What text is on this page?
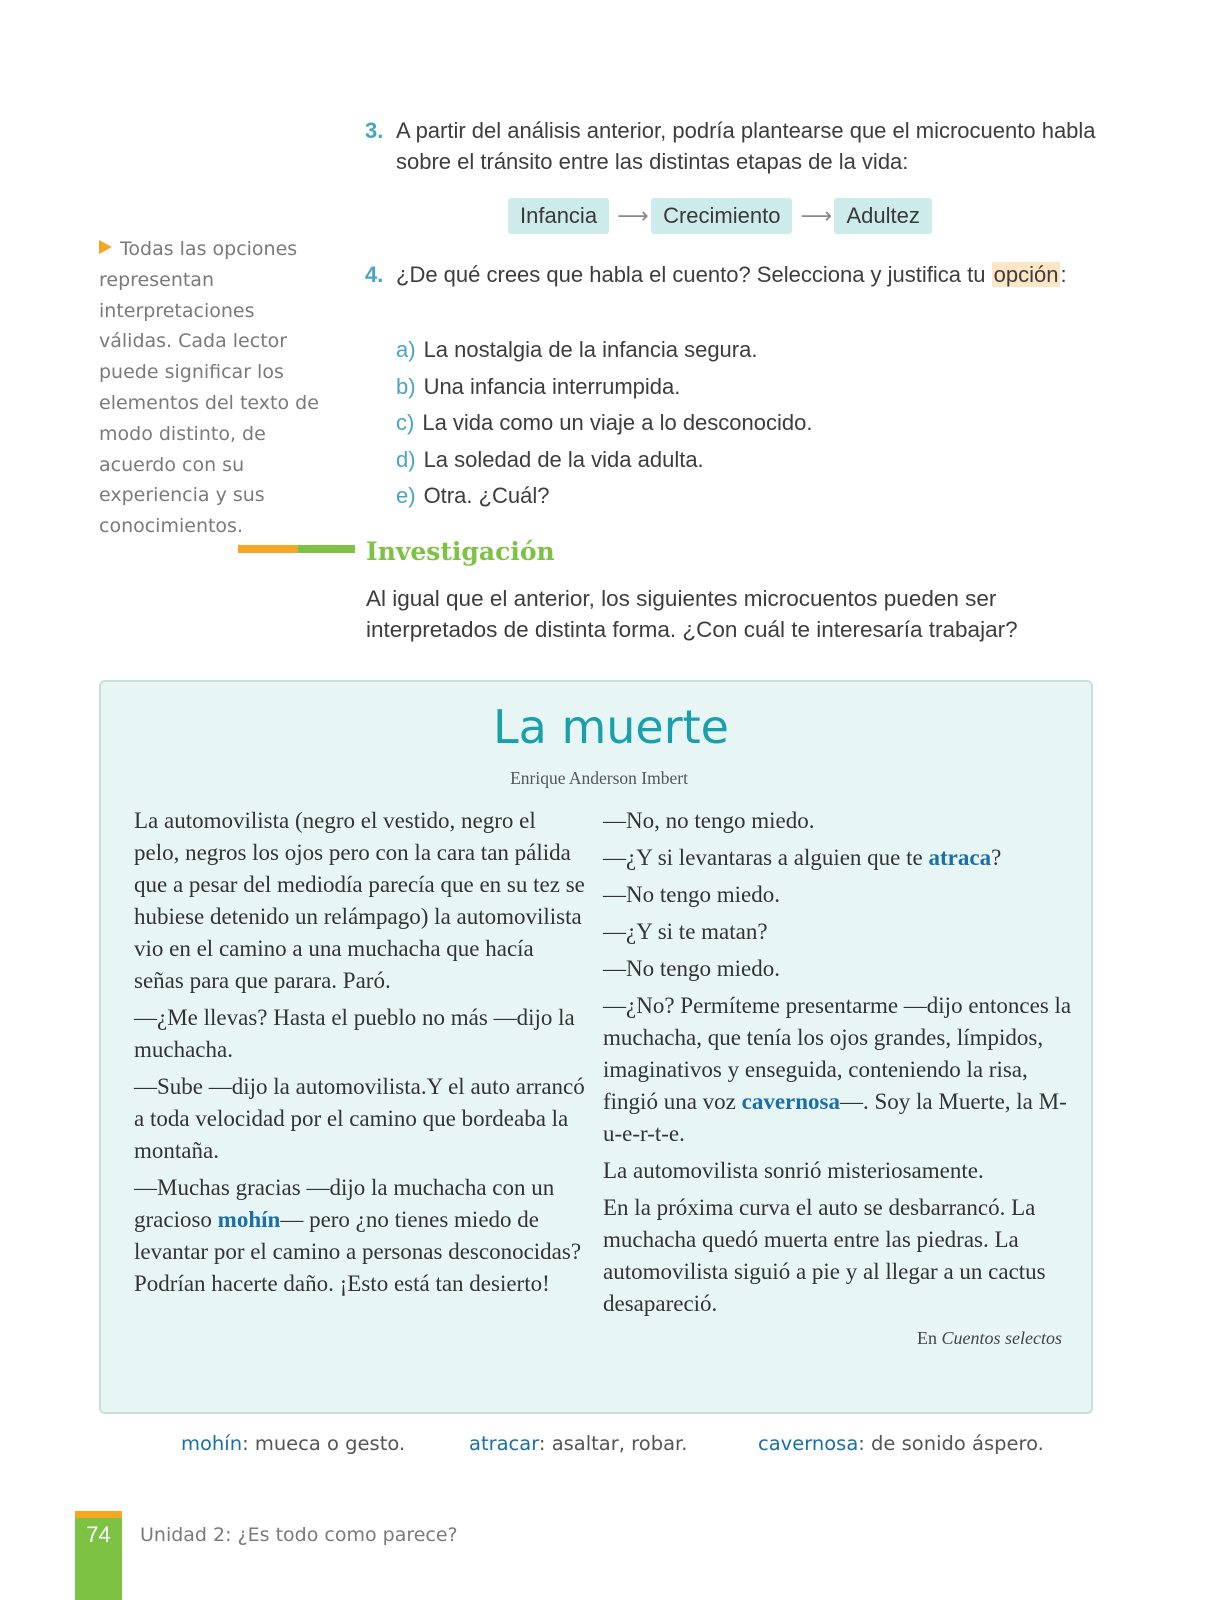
3. A partir del análisis anterior, podría plantearse que el microcuento habla sobre el tránsito entre las distintas etapas de la vida:
Infancia ⟶ Crecimiento ⟶ Adultez
4. ¿De qué crees que habla el cuento? Selecciona y justifica tu opción:
a) La nostalgia de la infancia segura.
b) Una infancia interrumpida.
c) La vida como un viaje a lo desconocido.
d) La soledad de la vida adulta.
e) Otra. ¿Cuál?
Todas las opciones representan interpretaciones válidas. Cada lector puede significar los elementos del texto de modo distinto, de acuerdo con su experiencia y sus conocimientos.
Investigación
Al igual que el anterior, los siguientes microcuentos pueden ser interpretados de distinta forma. ¿Con cuál te interesaría trabajar?
La muerte
Enrique Anderson Imbert

La automovilista (negro el vestido, negro el pelo, negros los ojos pero con la cara tan pálida que a pesar del mediodía parecía que en su tez se hubiese detenido un relámpago) la automovilista vio en el camino a una muchacha que hacía señas para que parara. Paró.

—¿Me llevas? Hasta el pueblo no más —dijo la muchacha.

—Sube —dijo la automovilista.Y el auto arrancó a toda velocidad por el camino que bordeaba la montaña.

—Muchas gracias —dijo la muchacha con un gracioso mohín— pero ¿no tienes miedo de levantar por el camino a personas desconocidas? Podrían hacerte daño. ¡Esto está tan desierto!

—No, no tengo miedo.

—¿Y si levantaras a alguien que te atraca?

—No tengo miedo.

—¿Y si te matan?

—No tengo miedo.

—¿No? Permíteme presentarme —dijo entonces la muchacha, que tenía los ojos grandes, límpidos, imaginativos y enseguida, conteniendo la risa, fingió una voz cavernosa—. Soy la Muerte, la M-u-e-r-t-e.

La automovilista sonrió misteriosamente.

En la próxima curva el auto se desbarrancó. La muchacha quedó muerta entre las piedras. La automovilista siguió a pie y al llegar a un cactus desapareció.

En Cuentos selectos
mohín: mueca o gesto.	atracar: asaltar, robar.	cavernosa: de sonido áspero.
74	Unidad 2: ¿Es todo como parece?
